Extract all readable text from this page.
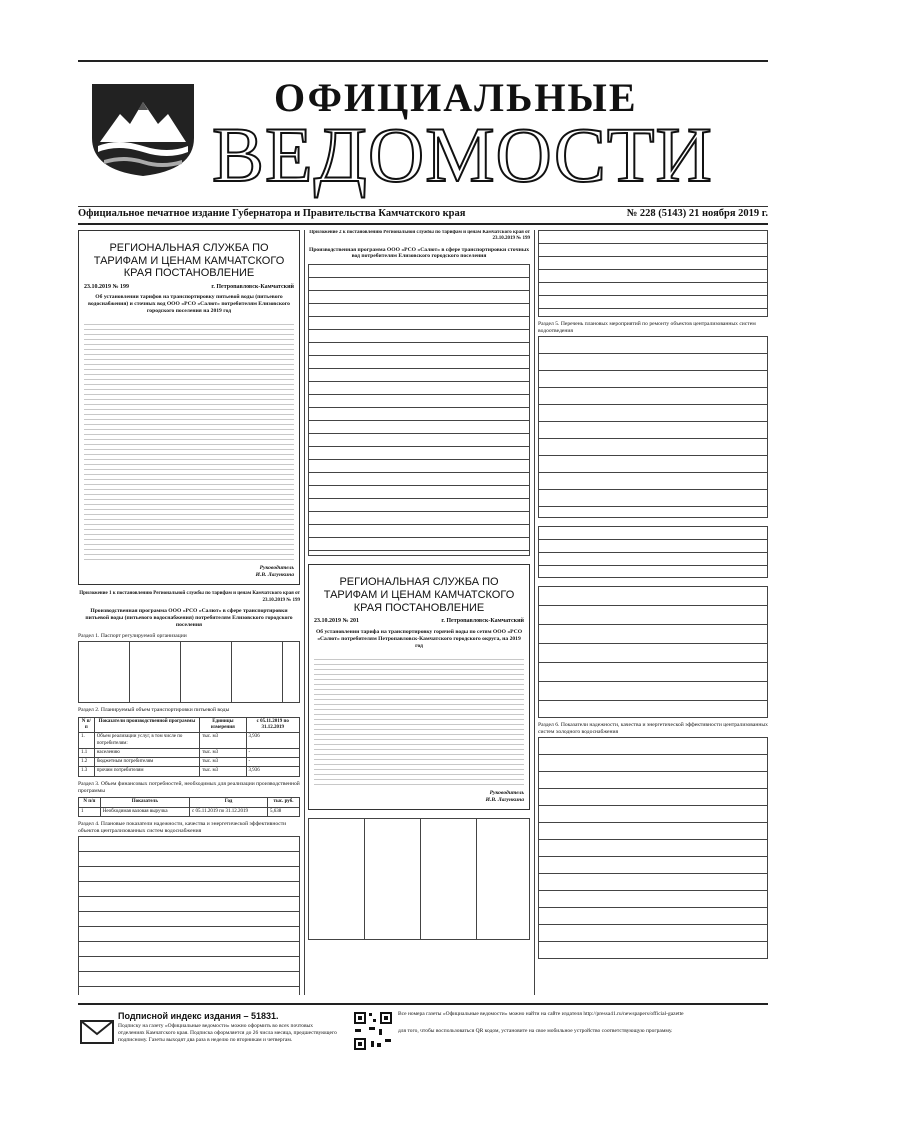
ОФИЦИАЛЬНЫЕ
ВЕДОМОСТИ
Официальное печатное издание Губернатора и Правительства Камчатского края	№ 228 (5143) 21 ноября 2019 г.
РЕГИОНАЛЬНАЯ СЛУЖБА ПО ТАРИФАМ И ЦЕНАМ КАМЧАТСКОГО КРАЯ ПОСТАНОВЛЕНИЕ
23.10.2019 № 199	г. Петропавловск-Камчатский
Об установлении тарифов на транспортировку питьевой воды (питьевого водоснабжения) и сточных вод ООО «РСО «Салют» потребителям Елизовского городского поселения на 2019 год
Руководитель
И.В. Лагункина
Приложение 1 к постановлению Региональной службы по тарифам и ценам Камчатского края от 23.10.2019 № 199
Производственная программа ООО «РСО «Салют» в сфере транспортировки питьевой воды (питьевого водоснабжения) потребителям Елизовского городского поселения
Раздел 1. Паспорт регулируемой организации
Раздел 2. Планируемый объем транспортировки питьевой воды
N п/п	Показатели производственной программы	Единицы измерения	с 05.11.2019 по 31.12.2019
1.	Объем реализации услуг, в том числе по потребителям:	тыс. м3	3,936
1.1	населению	тыс. м3	-
1.2	бюджетным потребителям	тыс. м3	-
1.3	прочим потребителям	тыс. м3	3,936
Раздел 3. Объем финансовых потребностей, необходимых для реализации производственной программы
N п/п	Показатель	Год	тыс. руб.
1	Необходимая валовая выручка	с 05.11.2019 по 31.12.2019	5,638
Раздел 4. Плановые показатели надежности, качества и энергетической эффективности объектов централизованных систем водоснабжения
Приложение 2 к постановлению Региональной службы по тарифам и ценам Камчатского края от 23.10.2019 № 199
Производственная программа ООО «РСО «Салют» в сфере транспортировки сточных вод потребителям Елизовского городского поселения
РЕГИОНАЛЬНАЯ СЛУЖБА ПО ТАРИФАМ И ЦЕНАМ КАМЧАТСКОГО КРАЯ ПОСТАНОВЛЕНИЕ
23.10.2019 № 201	г. Петропавловск-Камчатский
Об установлении тарифа на транспортировку горячей воды по сетям ООО «РСО «Салют» потребителям Петропавловск-Камчатского городского округа, на 2019 год
Руководитель
И.В. Лагункина
Раздел 5. Перечень плановых мероприятий по ремонту объектов централизованных систем водоотведения
Раздел 6. Показатели надежности, качества и энергетической эффективности централизованных систем холодного водоснабжения
Подписной индекс издания – 51831.
Подписку на газету «Официальные ведомости» можно оформить во всех почтовых отделениях Камчатского края. Подписка оформляется до 26 числа месяца, предшествующего подписному. Газеты выходят два раза в неделю по вторникам и четвергам.
Все номера газеты «Официальные ведомости» можно найти на сайте издателя http://pressa41.ru/newspapers/official-gazette
для того, чтобы воспользоваться QR кодом, установите на свое мобильное устройство соответствующую программу.
